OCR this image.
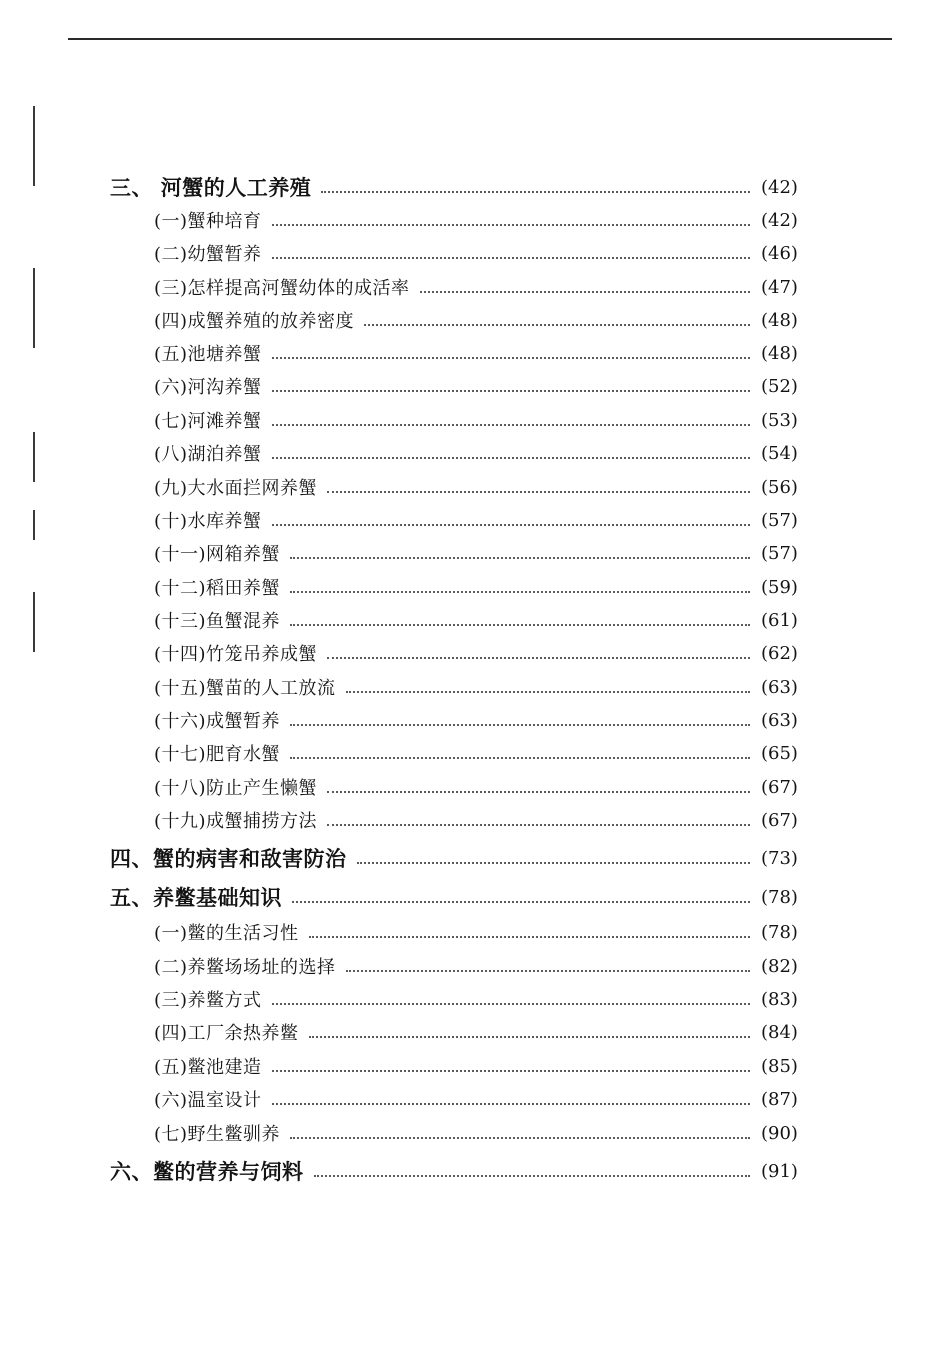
三、 河蟹的人工养殖	(42)
(一)蟹种培育	(42)
(二)幼蟹暂养	(46)
(三)怎样提高河蟹幼体的成活率	(47)
(四)成蟹养殖的放养密度	(48)
(五)池塘养蟹	(48)
(六)河沟养蟹	(52)
(七)河滩养蟹	(53)
(八)湖泊养蟹	(54)
(九)大水面拦网养蟹	(56)
(十)水库养蟹	(57)
(十一)网箱养蟹	(57)
(十二)稻田养蟹	(59)
(十三)鱼蟹混养	(61)
(十四)竹笼吊养成蟹	(62)
(十五)蟹苗的人工放流	(63)
(十六)成蟹暂养	(63)
(十七)肥育水蟹	(65)
(十八)防止产生懒蟹	(67)
(十九)成蟹捕捞方法	(67)
四、蟹的病害和敌害防治	(73)
五、养鳖基础知识	(78)
(一)鳖的生活习性	(78)
(二)养鳖场场址的选择	(82)
(三)养鳖方式	(83)
(四)工厂余热养鳖	(84)
(五)鳖池建造	(85)
(六)温室设计	(87)
(七)野生鳖驯养	(90)
六、鳖的营养与饲料	(91)
